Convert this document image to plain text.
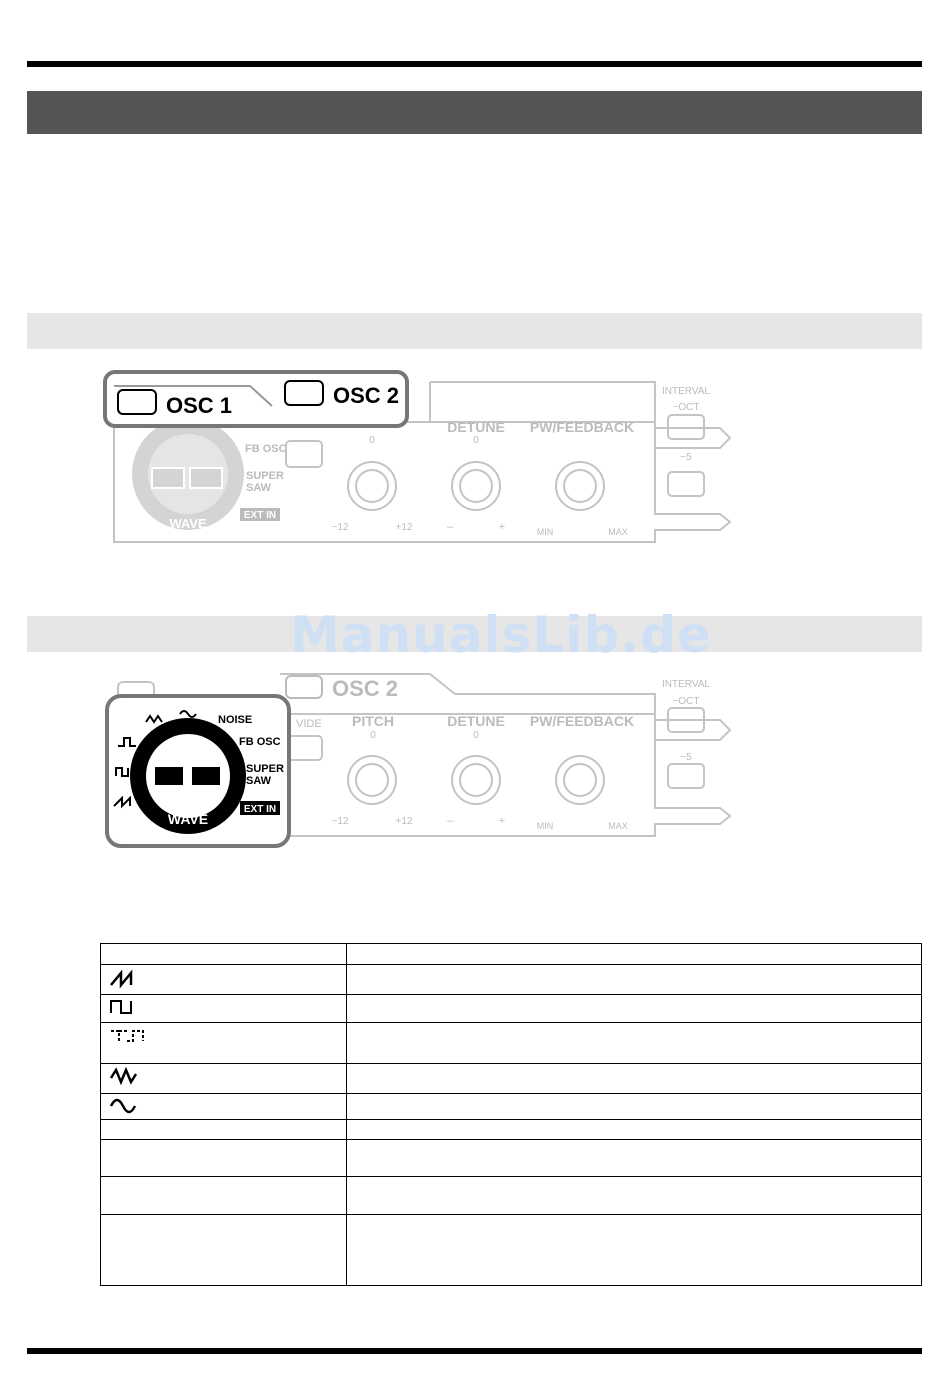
ManualsLib.de
WAVE
FB OSC
SUPER
SAW
EXT IN
0
−12	+12
DETUNE
0
–	+
PW/FEEDBACK
MIN	MAX
INTERVAL
−OCT
−5
OSC 1	OSC 2
OSC 2
VIDE PITCH
0
−12	+12
DETUNE
0
–	+
PW/FEEDBACK
MIN	MAX
INTERVAL
−OCT
−5
WAVE
NOISE
FB OSC
SUPER
SAW
EXT IN
